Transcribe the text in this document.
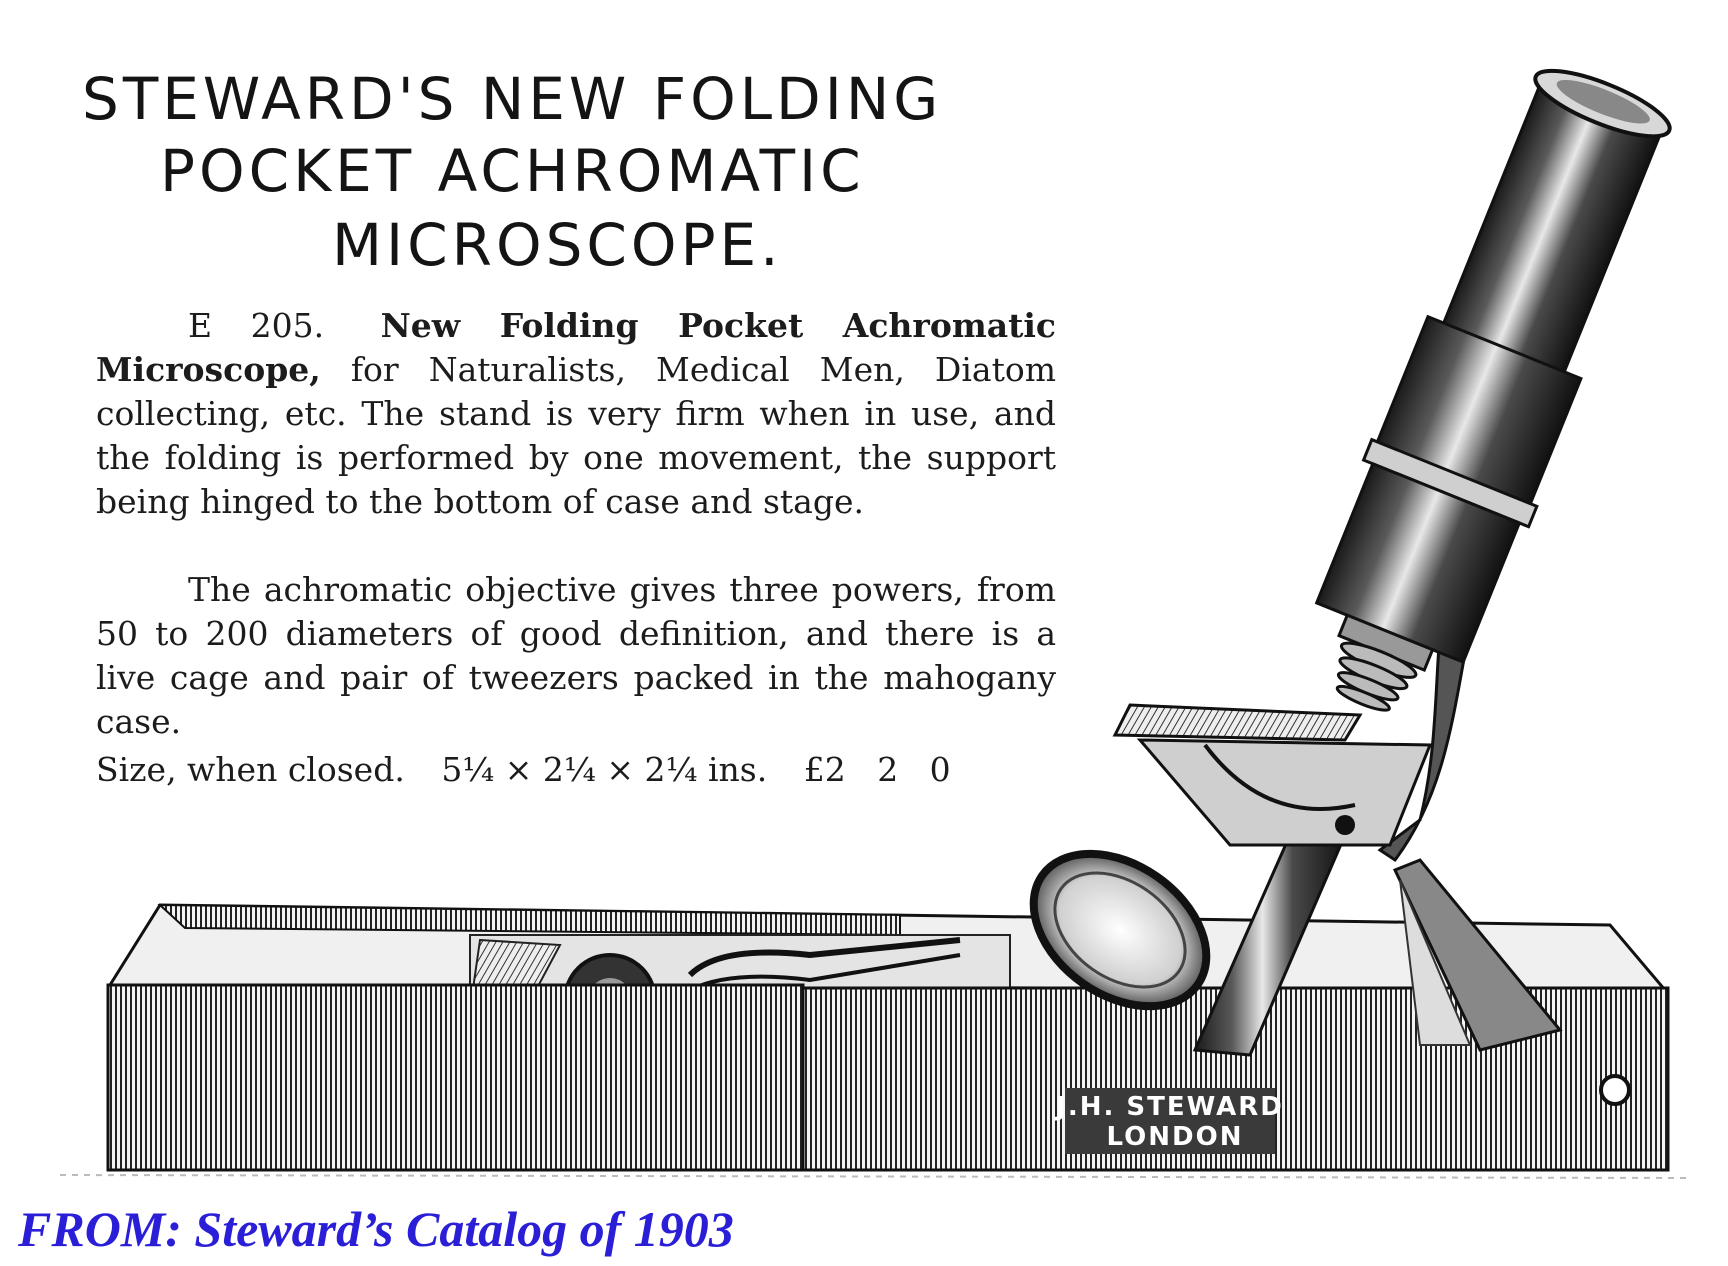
STEWARD'S NEW FOLDING
POCKET ACHROMATIC
MICROSCOPE.
E 205. New Folding Pocket Achromatic Microscope, for Naturalists, Medical Men, Diatom collecting, etc. The stand is very firm when in use, and the folding is performed by one movement, the support being hinged to the bottom of case and stage.
The achromatic objective gives three powers, from 50 to 200 diameters of good definition, and there is a live cage and pair of tweezers packed in the mahogany case.
Size, when closed. 5¼ × 2¼ × 2¼ ins. £2   2   0
J.H. STEWARD
LONDON
FROM: Steward’s Catalog of 1903
